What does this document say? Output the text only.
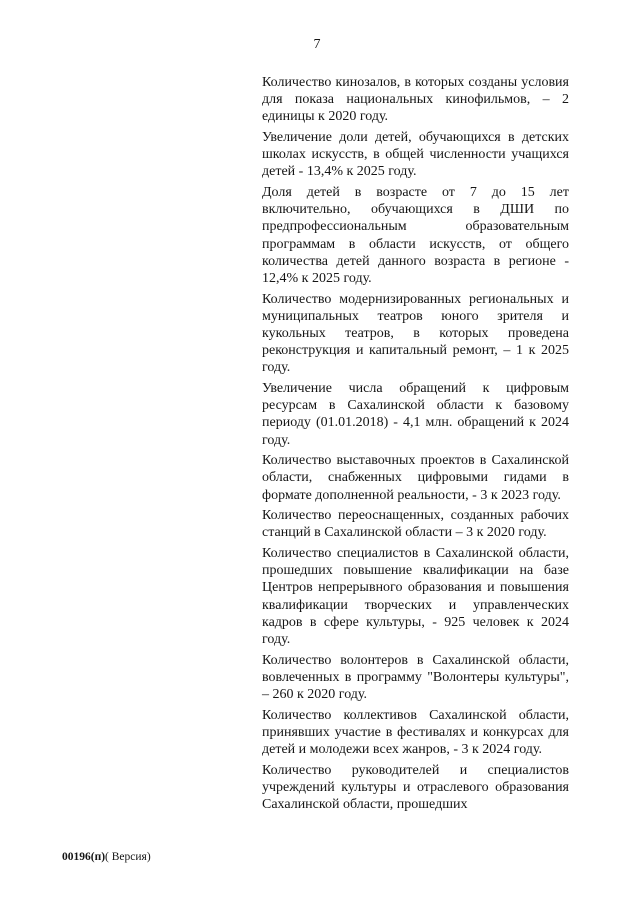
7

Количество кинозалов, в которых созданы условия для показа национальных кинофильмов, – 2 единицы к 2020 году.

Увеличение доли детей, обучающихся в детских школах искусств, в общей численности учащихся детей - 13,4% к 2025 году.

Доля детей в возрасте от 7 до 15 лет включительно, обучающихся в ДШИ по предпрофессиональным образовательным программам в области искусств, от общего количества детей данного возраста в регионе - 12,4% к 2025 году.

Количество модернизированных региональных и муниципальных театров юного зрителя и кукольных театров, в которых проведена реконструкция и капитальный ремонт, – 1 к 2025 году.

Увеличение числа обращений к цифровым ресурсам в Сахалинской области к базовому периоду (01.01.2018) - 4,1 млн. обращений к 2024 году.

Количество выставочных проектов в Сахалинской области, снабженных цифровыми гидами в формате дополненной реальности, - 3 к 2023 году.

Количество переоснащенных, созданных рабочих станций в Сахалинской области – 3 к 2020 году.

Количество специалистов в Сахалинской области, прошедших повышение квалификации на базе Центров непрерывного образования и повышения квалификации творческих и управленческих кадров в сфере культуры, - 925 человек к 2024 году.

Количество волонтеров в Сахалинской области, вовлеченных в программу "Волонтеры культуры", – 260 к 2020 году.

Количество коллективов Сахалинской области, принявших участие в фестивалях и конкурсах для детей и молодежи всех жанров, - 3 к 2024 году.

Количество руководителей и специалистов учреждений культуры и отраслевого образования Сахалинской области, прошедших

00196(п)( Версия)
